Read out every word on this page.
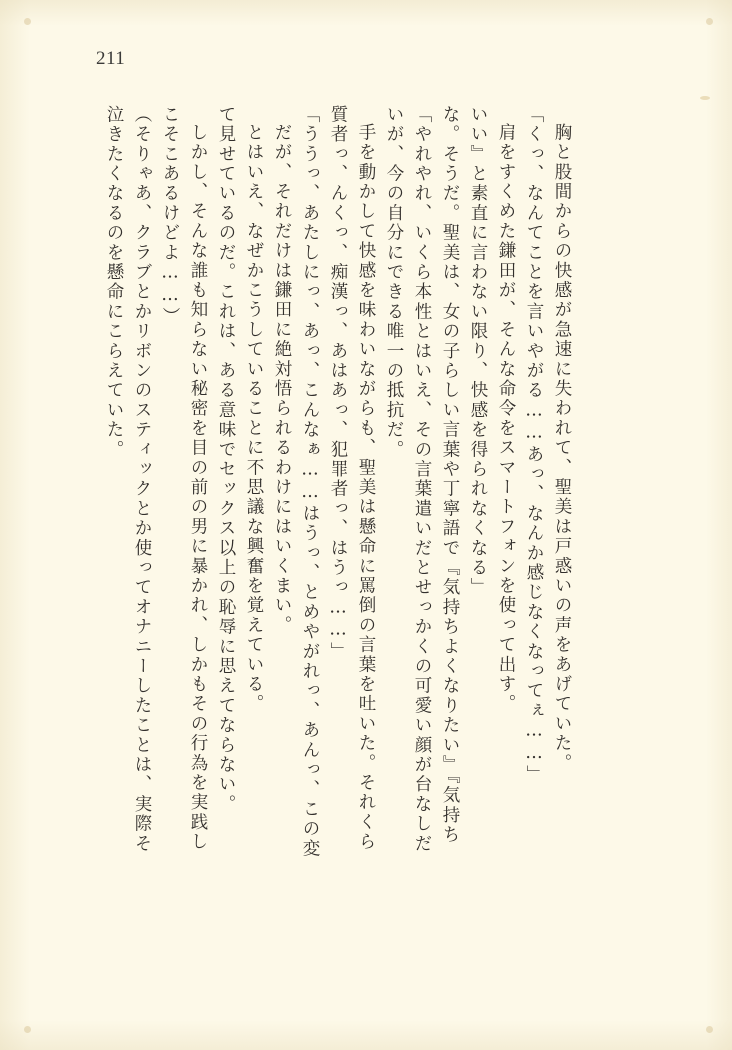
211
泣きたくなるのを懸命にこらえていた。 （そりゃあ、クラブとかリボンのスティックとか使ってオナニーしたことは、実際そ こそこあるけどよ……） しかし、そんな誰も知らない秘密を目の前の男に暴かれ、しかもその行為を実践し て見せているのだ。これは、ある意味でセックス以上の恥辱に思えてならない。 とはいえ、なぜかこうしていることに不思議な興奮を覚えている。 だが、それだけは鎌田に絶対悟られるわけにはいくまい。 「ううっ、あたしにっ、あっ、こんなぁ……はうっ、とめやがれっ、あんっ、この変 質者っ、んくっ、痴漢っ、あはあっ、犯罪者っ、はうっ……」 手を動かして快感を味わいながらも、聖美は懸命に罵倒の言葉を吐いた。それくら いが、今の自分にできる唯一の抵抗だ。 「やれやれ、いくら本性とはいえ、その言葉遣いだとせっかくの可愛い顔が台なしだ な。そうだ。聖美は、女の子らしい言葉や丁寧語で『気持ちよくなりたい』『気持ち いい』と素直に言わない限り、快感を得られなくなる」 肩をすくめた鎌田が、そんな命令をスマートフォンを使って出す。 「くっ、なんてことを言いやがる……あっ、なんか感じなくなってぇ……」 胸と股間からの快感が急速に失われて、聖美は戸惑いの声をあげていた。
